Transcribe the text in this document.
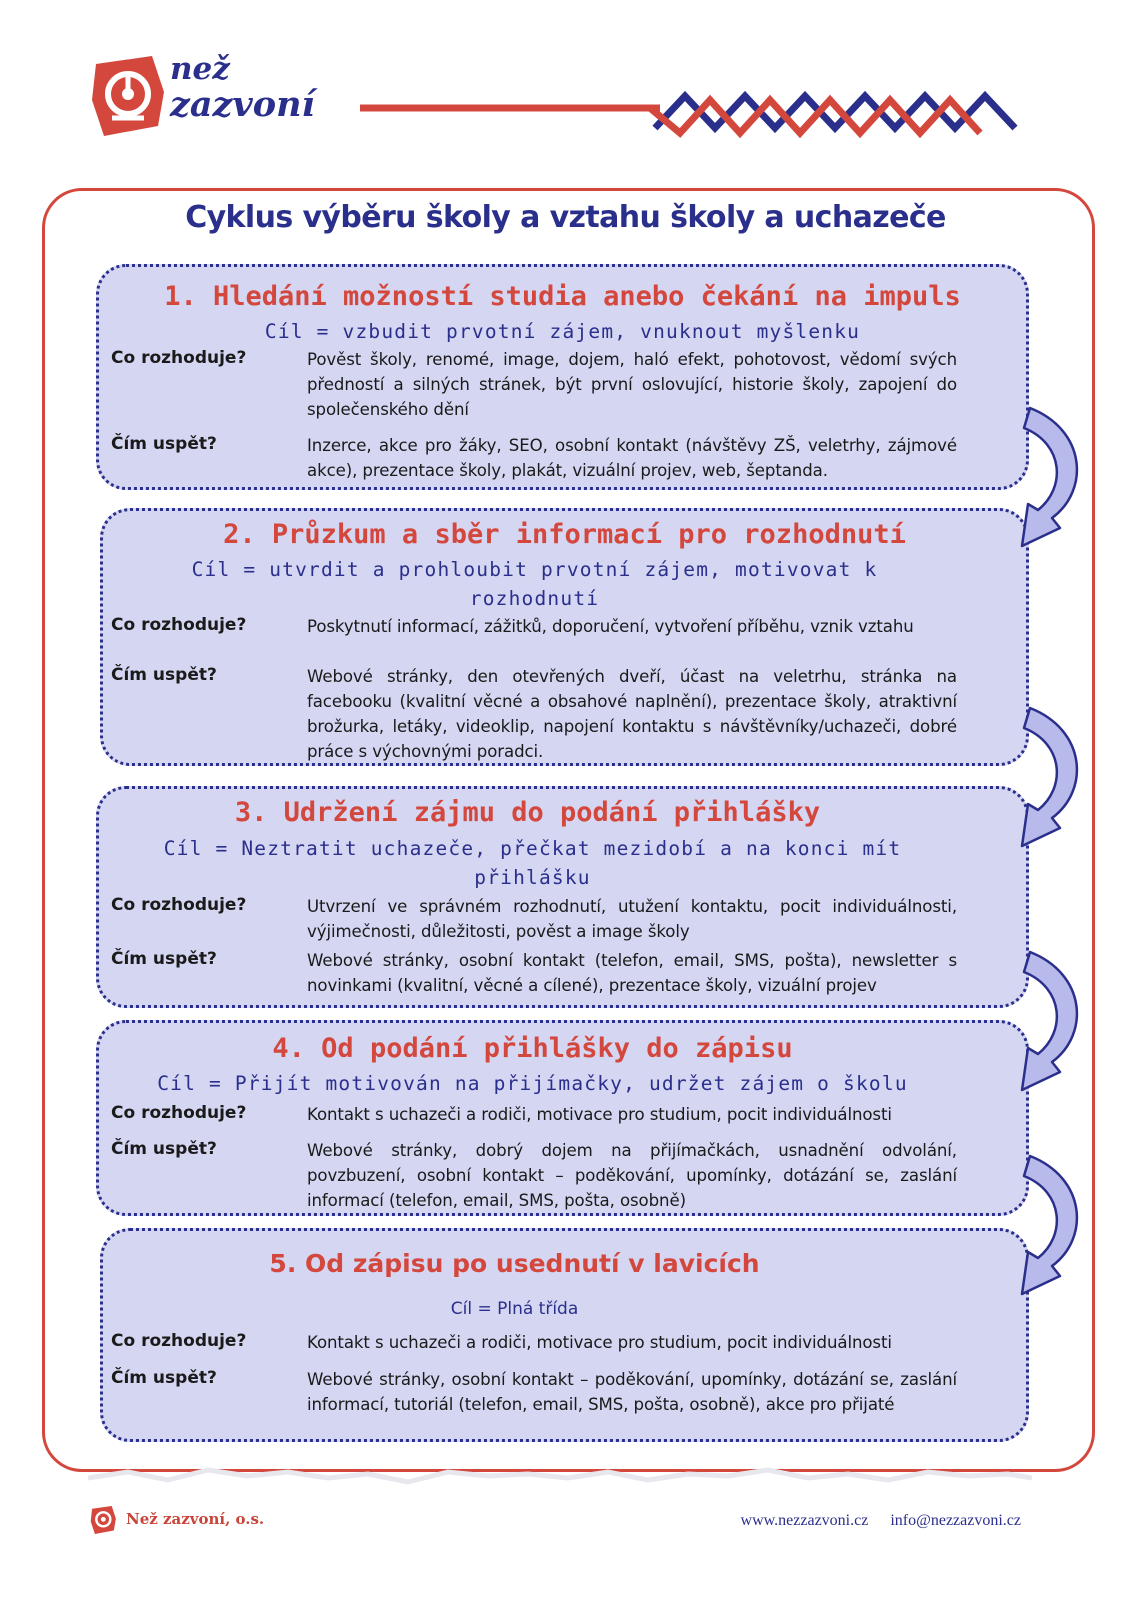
než
zazvoní
Cyklus výběru školy a vztahu školy a uchazeče
1. Hledání možností studia anebo čekání na impuls
Cíl = vzbudit prvotní zájem, vnuknout myšlenku
Co rozhoduje?	Pověst školy, renomé, image, dojem, haló efekt, pohotovost, vědomí svých předností a silných stránek, být první oslovující, historie školy, zapojení do společenského dění
Čím uspět?	Inzerce, akce pro žáky, SEO, osobní kontakt (návštěvy ZŠ, veletrhy, zájmové akce), prezentace školy, plakát, vizuální projev, web, šeptanda.
2. Průzkum a sběr informací pro rozhodnutí
Cíl = utvrdit a prohloubit prvotní zájem, motivovat k rozhodnutí
Co rozhoduje?	Poskytnutí informací, zážitků, doporučení, vytvoření příběhu, vznik vztahu
Čím uspět?	Webové stránky, den otevřených dveří, účast na veletrhu, stránka na facebooku (kvalitní věcné a obsahové naplnění), prezentace školy, atraktivní brožurka, letáky, videoklip, napojení kontaktu s návštěvníky/uchazeči, dobré práce s výchovnými poradci.
3. Udržení zájmu do podání přihlášky
Cíl = Neztratit uchazeče, přečkat mezidobí a na konci mít přihlášku
Co rozhoduje?	Utvrzení ve správném rozhodnutí, utužení kontaktu, pocit individuálnosti, výjimečnosti, důležitosti, pověst a image školy
Čím uspět?	Webové stránky, osobní kontakt (telefon, email, SMS, pošta), newsletter s novinkami (kvalitní, věcné a cílené), prezentace školy, vizuální projev
4. Od podání přihlášky do zápisu
Cíl = Přijít motivován na přijímačky, udržet zájem o školu
Co rozhoduje?	Kontakt s uchazeči a rodiči, motivace pro studium, pocit individuálnosti
Čím uspět?	Webové stránky, dobrý dojem na přijímačkách, usnadnění odvolání, povzbuzení, osobní kontakt – poděkování, upomínky, dotázání se, zaslání informací (telefon, email, SMS, pošta, osobně)
5. Od zápisu po usednutí v lavicích
Cíl = Plná třída
Co rozhoduje?	Kontakt s uchazeči a rodiči, motivace pro studium, pocit individuálnosti
Čím uspět?	Webové stránky, osobní kontakt – poděkování, upomínky, dotázání se, zaslání informací, tutoriál (telefon, email, SMS, pošta, osobně), akce pro přijaté
Než zazvoní, o.s.	www.nezzazvoni.cz info@nezzazvoni.cz
